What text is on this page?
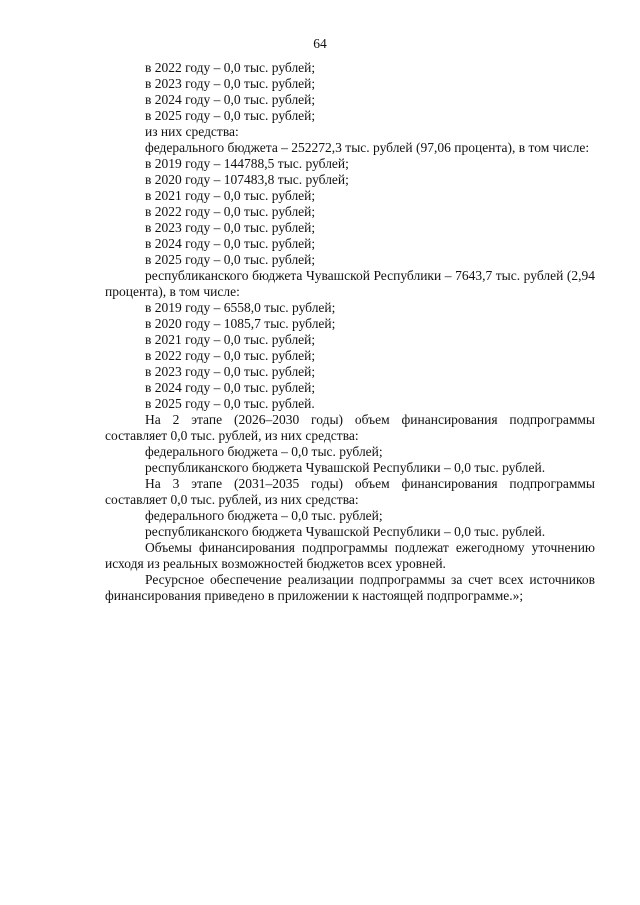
64

в 2022 году – 0,0 тыс. рублей;

в 2023 году – 0,0 тыс. рублей;

в 2024 году – 0,0 тыс. рублей;

в 2025 году – 0,0 тыс. рублей;

из них средства:

федерального бюджета – 252272,3 тыс. рублей (97,06 процента), в том числе:

в 2019 году – 144788,5 тыс. рублей;

в 2020 году – 107483,8 тыс. рублей;

в 2021 году – 0,0 тыс. рублей;

в 2022 году – 0,0 тыс. рублей;

в 2023 году – 0,0 тыс. рублей;

в 2024 году – 0,0 тыс. рублей;

в 2025 году – 0,0 тыс. рублей;

республиканского бюджета Чувашской Республики – 7643,7 тыс. рублей (2,94 процента), в том числе:

в 2019 году – 6558,0 тыс. рублей;

в 2020 году – 1085,7 тыс. рублей;

в 2021 году – 0,0 тыс. рублей;

в 2022 году – 0,0 тыс. рублей;

в 2023 году – 0,0 тыс. рублей;

в 2024 году – 0,0 тыс. рублей;

в 2025 году – 0,0 тыс. рублей.

На 2 этапе (2026–2030 годы) объем финансирования подпрограммы составляет 0,0 тыс. рублей, из них средства:

федерального бюджета – 0,0 тыс. рублей;

республиканского бюджета Чувашской Республики – 0,0 тыс. рублей.

На 3 этапе (2031–2035 годы) объем финансирования подпрограммы составляет 0,0 тыс. рублей, из них средства:

федерального бюджета – 0,0 тыс. рублей;

республиканского бюджета Чувашской Республики – 0,0 тыс. рублей.

Объемы финансирования подпрограммы подлежат ежегодному уточнению исходя из реальных возможностей бюджетов всех уровней.

Ресурсное обеспечение реализации подпрограммы за счет всех источников финансирования приведено в приложении к настоящей подпрограмме.»;
